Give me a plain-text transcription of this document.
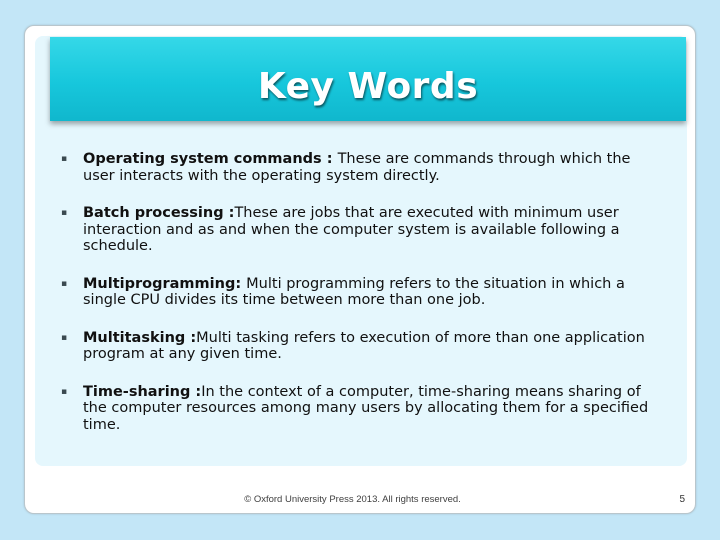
Key Words
▪ Operating system commands : These are commands through which the user interacts with the operating system directly.
▪ Batch processing :These are jobs that are executed with minimum user interaction and as and when the computer system is available following a schedule.
▪ Multiprogramming: Multi programming refers to the situation in which a single CPU divides its time between more than one job.
▪ Multitasking :Multi tasking refers to execution of more than one application program at any given time.
▪ Time-sharing :In the context of a computer, time-sharing means sharing of the computer resources among many users by allocating them for a specified time.
© Oxford University Press 2013. All rights reserved.	5
